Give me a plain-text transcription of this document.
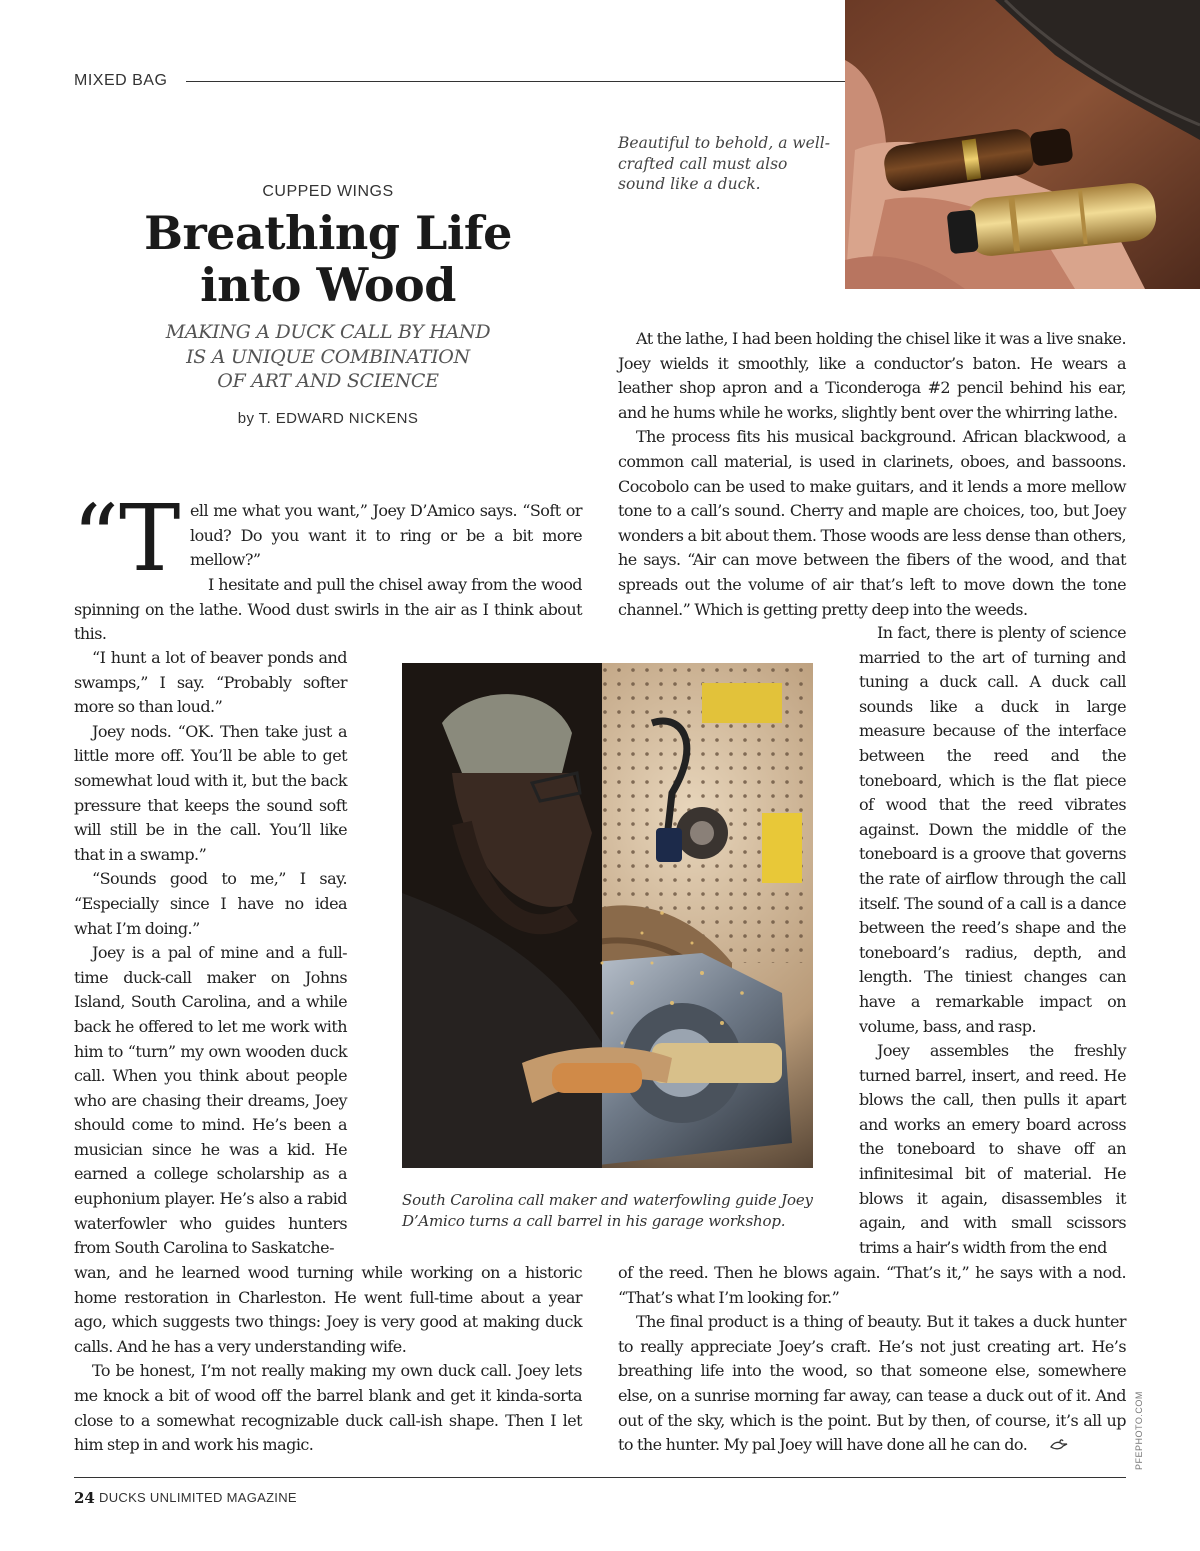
MIXED BAG
Beautiful to behold, a well-crafted call must also sound like a duck.
CUPPED WINGS
Breathing Life
into Wood
MAKING A DUCK CALL BY HAND
IS A UNIQUE COMBINATION
OF ART AND SCIENCE
by T. EDWARD NICKENS
“T ell me what you want,” Joey D’Amico says. “Soft or loud? Do you want it to ring or be a bit more mellow?”

I hesitate and pull the chisel away from the wood spinning on the lathe. Wood dust swirls in the air as I think about this.

“I hunt a lot of beaver ponds and swamps,” I say. “Probably softer more so than loud.”

Joey nods. “OK. Then take just a little more off. You’ll be able to get somewhat loud with it, but the back pressure that keeps the sound soft will still be in the call. You’ll like that in a swamp.”

“Sounds good to me,” I say. “Especially since I have no idea what I’m doing.”

Joey is a pal of mine and a full-time duck-call maker on Johns Island, South Carolina, and a while back he offered to let me work with him to “turn” my own wooden duck call. When you think about people who are chasing their dreams, Joey should come to mind. He’s been a musician since he was a kid. He earned a college scholarship as a euphonium player. He’s also a rabid waterfowler who guides hunters from South Carolina to Saskatche-

wan, and he learned wood turning while working on a historic home restoration in Charleston. He went full-time about a year ago, which suggests two things: Joey is very good at making duck calls. And he has a very understanding wife.

To be honest, I’m not really making my own duck call. Joey lets me knock a bit of wood off the barrel blank and get it kinda-sorta close to a somewhat recognizable duck call-ish shape. Then I let him step in and work his magic.

At the lathe, I had been holding the chisel like it was a live snake. Joey wields it smoothly, like a conductor’s baton. He wears a leather shop apron and a Ticonderoga #2 pencil behind his ear, and he hums while he works, slightly bent over the whirring lathe.

The process fits his musical background. African blackwood, a common call material, is used in clarinets, oboes, and bassoons. Cocobolo can be used to make guitars, and it lends a more mellow tone to a call’s sound. Cherry and maple are choices, too, but Joey wonders a bit about them. Those woods are less dense than others, he says. “Air can move between the fibers of the wood, and that spreads out the volume of air that’s left to move down the tone channel.” Which is getting pretty deep into the weeds.

In fact, there is plenty of science married to the art of turning and tuning a duck call. A duck call sounds like a duck in large measure because of the interface between the reed and the toneboard, which is the flat piece of wood that the reed vibrates against. Down the middle of the toneboard is a groove that governs the rate of airflow through the call itself. The sound of a call is a dance between the reed’s shape and the toneboard’s radius, depth, and length. The tiniest changes can have a remarkable impact on volume, bass, and rasp.

Joey assembles the freshly turned barrel, insert, and reed. He blows the call, then pulls it apart and works an emery board across the toneboard to shave off an infinitesimal bit of material. He blows it again, disassembles it again, and with small scissors trims a hair’s width from the end

of the reed. Then he blows again. “That’s it,” he says with a nod. “That’s what I’m looking for.”

The final product is a thing of beauty. But it takes a duck hunter to really appreciate Joey’s craft. He’s not just creating art. He’s breathing life into the wood, so that someone else, somewhere else, on a sunrise morning far away, can tease a duck out of it. And out of the sky, which is the point. But by then, of course, it’s all up to the hunter. My pal Joey will have done all he can do.

South Carolina call maker and waterfowling guide Joey D’Amico turns a call barrel in his garage workshop.
24 DUCKS UNLIMITED MAGAZINE
PFEPHOTO.COM
